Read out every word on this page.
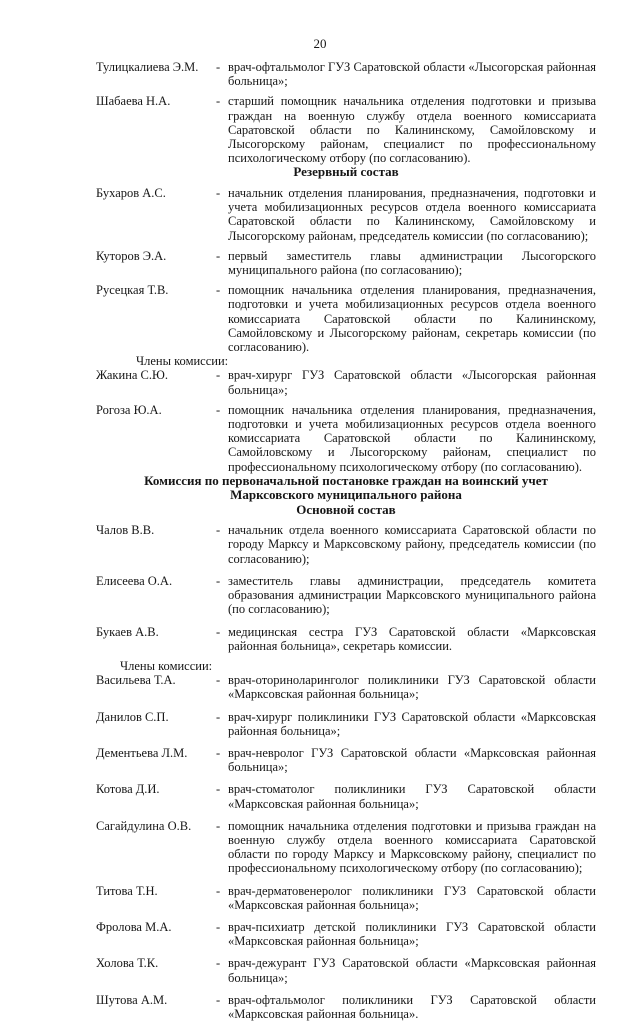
20
Тулицкалиева Э.М.	- врач-офтальмолог ГУЗ Саратовской области «Лысогорская районная больница»;
Шабаева Н.А.	- старший помощник начальника отделения подготовки и призыва граждан на военную службу отдела военного комиссариата Саратовской области по Калининскому, Самойловскому и Лысогорскому районам, специалист по профессиональному психологическому отбору (по согласованию).
Резервный состав
Бухаров А.С.	- начальник отделения планирования, предназначения, подготовки и учета мобилизационных ресурсов отдела военного комиссариата Саратовской области по Калининскому, Самойловскому и Лысогорскому районам, председатель комиссии (по согласованию);
Куторов Э.А.	- первый заместитель главы администрации Лысогорского муниципального района (по согласованию);
Русецкая Т.В.	- помощник начальника отделения планирования, предназначения, подготовки и учета мобилизационных ресурсов отдела военного комиссариата Саратовской области по Калининскому, Самойловскому и Лысогорскому районам, секретарь комиссии (по согласованию).
Члены комиссии:
Жакина С.Ю.	- врач-хирург ГУЗ Саратовской области «Лысогорская районная больница»;
Рогоза Ю.А.	- помощник начальника отделения планирования, предназначения, подготовки и учета мобилизационных ресурсов отдела военного комиссариата Саратовской области по Калининскому, Самойловскому и Лысогорскому районам, специалист по профессиональному психологическому отбору (по согласованию).
Комиссия по первоначальной постановке граждан на воинский учет
Марксовского муниципального района
Основной состав
Чалов В.В.	- начальник отдела военного комиссариата Саратовской области по городу Марксу и Марксовскому району, председатель комиссии (по согласованию);
Елисеева О.А.	- заместитель главы администрации, председатель комитета образования администрации Марксовского муниципального района (по согласованию);
Букаев А.В.	- медицинская сестра ГУЗ Саратовской области «Марксовская районная больница», секретарь комиссии.
Члены комиссии:
Васильева Т.А.	- врач-оториноларинголог поликлиники ГУЗ Саратовской области «Марксовская районная больница»;
Данилов С.П.	- врач-хирург поликлиники ГУЗ Саратовской области «Марксовская районная больница»;
Дементьева Л.М.	- врач-невролог ГУЗ Саратовской области «Марксовская районная больница»;
Котова Д.И.	- врач-стоматолог поликлиники ГУЗ Саратовской области «Марксовская районная больница»;
Сагайдулина О.В.	- помощник начальника отделения подготовки и призыва граждан на военную службу отдела военного комиссариата Саратовской области по городу Марксу и Марксовскому району, специалист по профессиональному психологическому отбору (по согласованию);
Титова Т.Н.	- врач-дерматовенеролог поликлиники ГУЗ Саратовской области «Марксовская районная больница»;
Фролова М.А.	- врач-психиатр детской поликлиники ГУЗ Саратовской области «Марксовская районная больница»;
Холова Т.К.	- врач-дежурант ГУЗ Саратовской области «Марксовская районная больница»;
Шутова А.М.	- врач-офтальмолог поликлиники ГУЗ Саратовской области «Марксовская районная больница».
